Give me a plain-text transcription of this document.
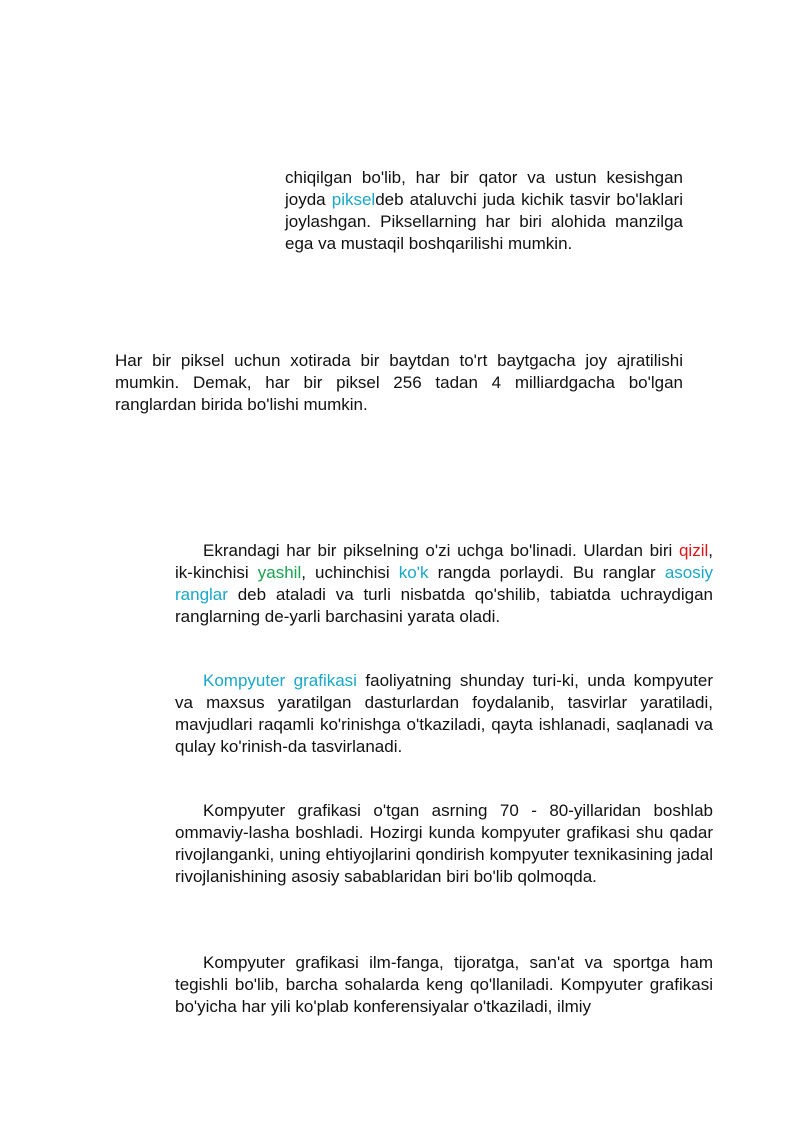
chiqilgan bo'lib, har bir qator va ustun kesishgan joyda pikseldeb ataluvchi juda kichik tasvir bo'laklari joylashgan. Piksellarning har biri alohida manzilga ega va mustaqil boshqarilishi mumkin.

Har bir piksel uchun xotirada bir baytdan to'rt baytgacha joy ajratilishi mumkin. Demak, har bir piksel 256 tadan 4 milliardgacha bo'lgan ranglardan birida bo'lishi mumkin.

Ekrandagi har bir pikselning o'zi uchga bo'linadi. Ulardan biri qizil, ik-kinchisi yashil, uchinchisi ko'k rangda porlaydi. Bu ranglar asosiy ranglar deb ataladi va turli nisbatda qo'shilib, tabiatda uchraydigan ranglarning de-yarli barchasini yarata oladi.

Kompyuter grafikasi faoliyatning shunday turi-ki, unda kompyuter va maxsus yaratilgan dasturlardan foydalanib, tasvirlar yaratiladi, mavjudlari raqamli ko'rinishga o'tkaziladi, qayta ishlanadi, saqlanadi va qulay ko'rinish-da tasvirlanadi.

Kompyuter grafikasi o'tgan asrning 70 - 80-yillaridan boshlab ommaviy-lasha boshladi. Hozirgi kunda kompyuter grafikasi shu qadar rivojlanganki, uning ehtiyojlarini qondirish kompyuter texnikasining jadal rivojlanishining asosiy sabablaridan biri bo'lib qolmoqda.

Kompyuter grafikasi ilm-fanga, tijoratga, san'at va sportga ham tegishli bo'lib, barcha sohalarda keng qo'llaniladi. Kompyuter grafikasi bo'yicha har yili ko'plab konferensiyalar o'tkaziladi, ilmiy
